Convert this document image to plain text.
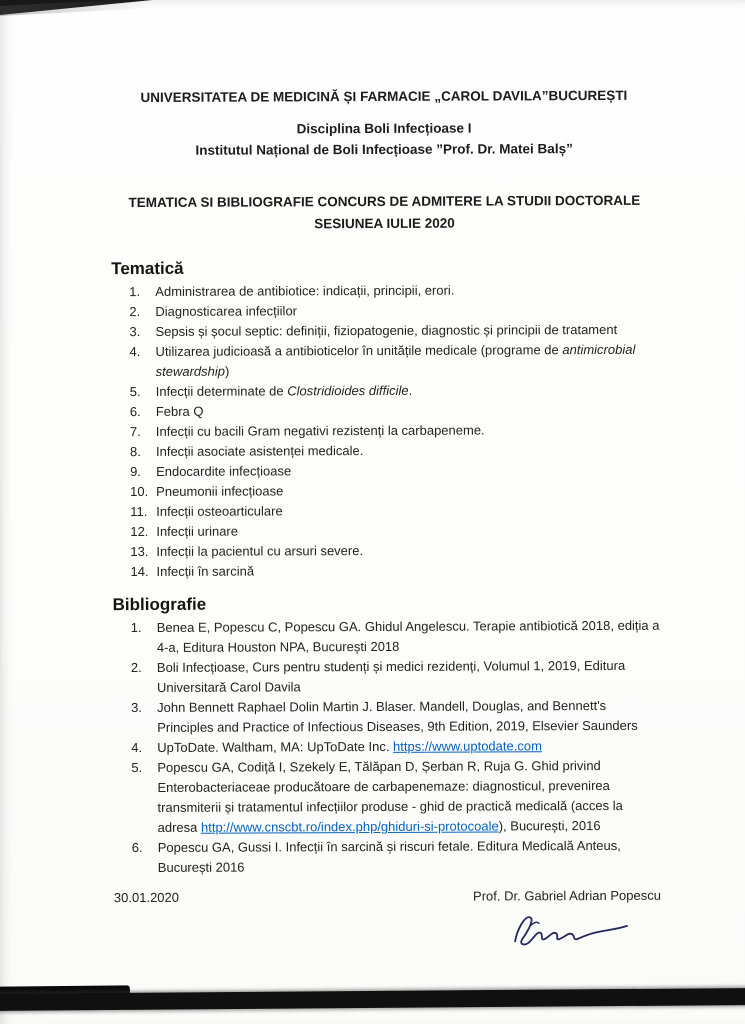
UNIVERSITATEA DE MEDICINĂ ȘI FARMACIE „CAROL DAVILA”BUCUREȘTI

Disciplina Boli Infecțioase I

Institutul Național de Boli Infecțioase ”Prof. Dr. Matei Balș”

TEMATICA SI BIBLIOGRAFIE CONCURS DE ADMITERE LA STUDII DOCTORALE

SESIUNEA IULIE 2020

Tematică
Administrarea de antibiotice: indicații, principii, erori.
Diagnosticarea infecțiilor
Sepsis și șocul septic: definiții, fiziopatogenie, diagnostic și principii de tratament
Utilizarea judicioasă a antibioticelor în unitățile medicale (programe de antimicrobial stewardship)
Infecții determinate de Clostridioides difficile.
Febra Q
Infecții cu bacili Gram negativi rezistenți la carbapeneme.
Infecții asociate asistenței medicale.
Endocardite infecțioase
Pneumonii infecțioase
Infecții osteoarticulare
Infecții urinare
Infecții la pacientul cu arsuri severe.
Infecții în sarcină
Bibliografie
Benea E, Popescu C, Popescu GA. Ghidul Angelescu. Terapie antibiotică 2018, ediția a 4-a, Editura Houston NPA, București 2018
Boli Infecțioase, Curs pentru studenți și medici rezidenți, Volumul 1, 2019, Editura Universitară Carol Davila
John Bennett Raphael Dolin Martin J. Blaser. Mandell, Douglas, and Bennett's Principles and Practice of Infectious Diseases, 9th Edition, 2019, Elsevier Saunders
UpToDate. Waltham, MA: UpToDate Inc. https://www.uptodate.com
Popescu GA, Codiță I, Szekely E, Tălăpan D, Șerban R, Ruja G. Ghid privind Enterobacteriaceae producătoare de carbapenemaze: diagnosticul, prevenirea transmiterii și tratamentul infecțiilor produse - ghid de practică medicală (acces la adresa http://www.cnscbt.ro/index.php/ghiduri-si-protocoale), București, 2016
Popescu GA, Gussi I. Infecții în sarcină și riscuri fetale. Editura Medicală Anteus, București 2016
30.01.2020	Prof. Dr. Gabriel Adrian Popescu
